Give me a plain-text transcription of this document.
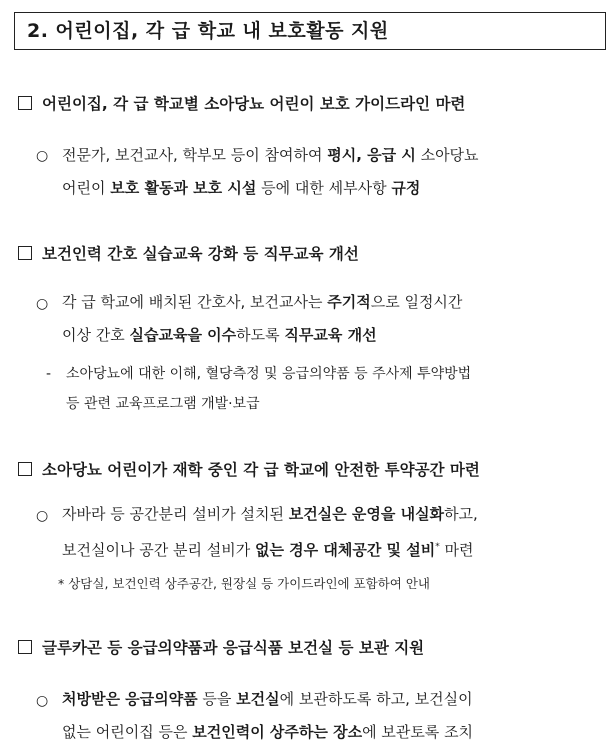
2. 어린이집, 각 급 학교 내 보호활동 지원
어린이집, 각 급 학교별 소아당뇨 어린이 보호 가이드라인 마련
○ 전문가, 보건교사, 학부모 등이 참여하여 평시, 응급 시 소아당뇨
어린이 보호 활동과 보호 시설 등에 대한 세부사항 규정
보건인력 간호 실습교육 강화 등 직무교육 개선
○ 각 급 학교에 배치된 간호사, 보건교사는 주기적으로 일정시간
이상 간호 실습교육을 이수하도록 직무교육 개선
- 소아당뇨에 대한 이해, 혈당측정 및 응급의약품 등 주사제 투약방법
등 관련 교육프로그램 개발·보급
소아당뇨 어린이가 재학 중인 각 급 학교에 안전한 투약공간 마련
○ 자바라 등 공간분리 설비가 설치된 보건실은 운영을 내실화하고,
보건실이나 공간 분리 설비가 없는 경우 대체공간 및 설비* 마련
* 상담실, 보건인력 상주공간, 원장실 등 가이드라인에 포함하여 안내
글루카곤 등 응급의약품과 응급식품 보건실 등 보관 지원
○ 처방받은 응급의약품 등을 보건실에 보관하도록 하고, 보건실이
없는 어린이집 등은 보건인력이 상주하는 장소에 보관토록 조치
